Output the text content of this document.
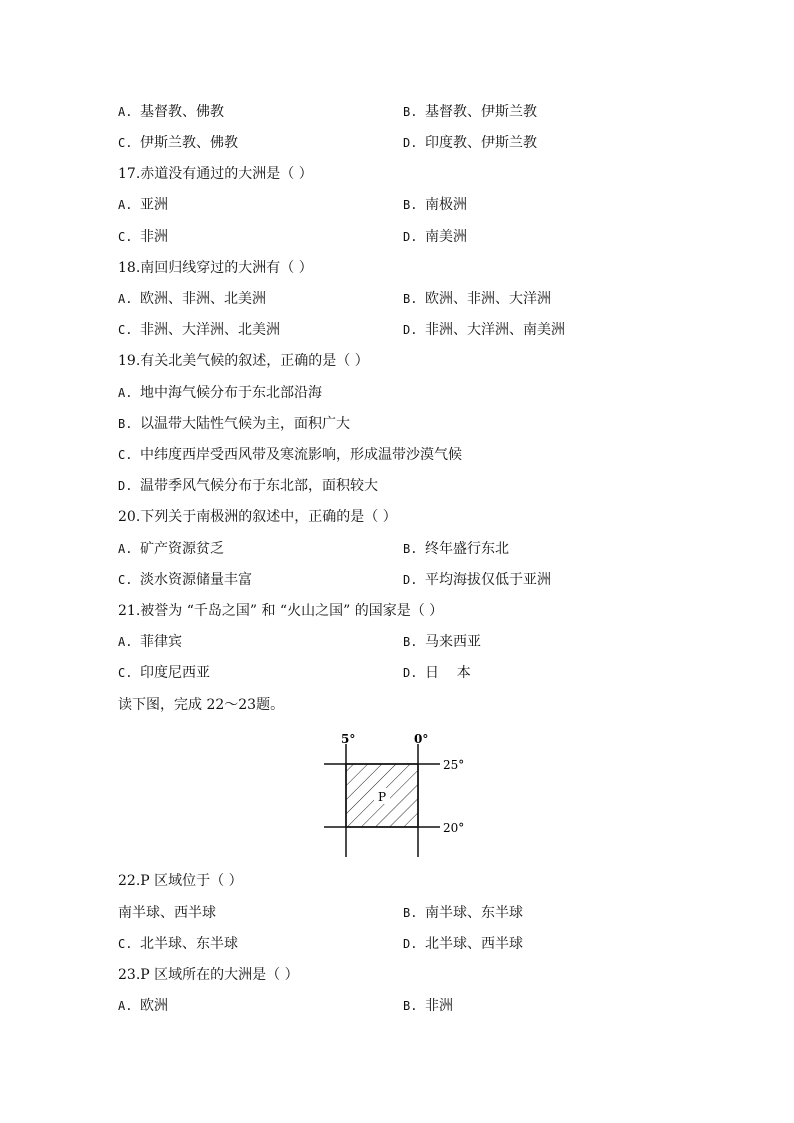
A. 基督教、佛教	B. 基督教、伊斯兰教
C. 伊斯兰教、佛教	D. 印度教、伊斯兰教
17.赤道没有通过的大洲是（ ）
A. 亚洲	B. 南极洲
C. 非洲	D. 南美洲
18.南回归线穿过的大洲有（ ）
A. 欧洲、非洲、北美洲	B. 欧洲、非洲、大洋洲
C. 非洲、大洋洲、北美洲	D. 非洲、大洋洲、南美洲
19.有关北美气候的叙述，正确的是（ ）
A. 地中海气候分布于东北部沿海
B. 以温带大陆性气候为主，面积广大
C. 中纬度西岸受西风带及寒流影响，形成温带沙漠气候
D. 温带季风气候分布于东北部，面积较大
20.下列关于南极洲的叙述中，正确的是（ ）
A. 矿产资源贫乏	B. 终年盛行东北
C. 淡水资源储量丰富	D. 平均海拔仅低于亚洲
21.被誉为 “千岛之国” 和 “火山之国” 的国家是（ ）
A. 菲律宾	B. 马来西亚
C. 印度尼西亚	D. 日    本
读下图，完成 22～23题。
P
5°	0°
25°
20°
22.P 区域位于（ ）
南半球、西半球	B. 南半球、东半球
C. 北半球、东半球	D. 北半球、西半球
23.P 区域所在的大洲是（ ）
A. 欧洲	B. 非洲
